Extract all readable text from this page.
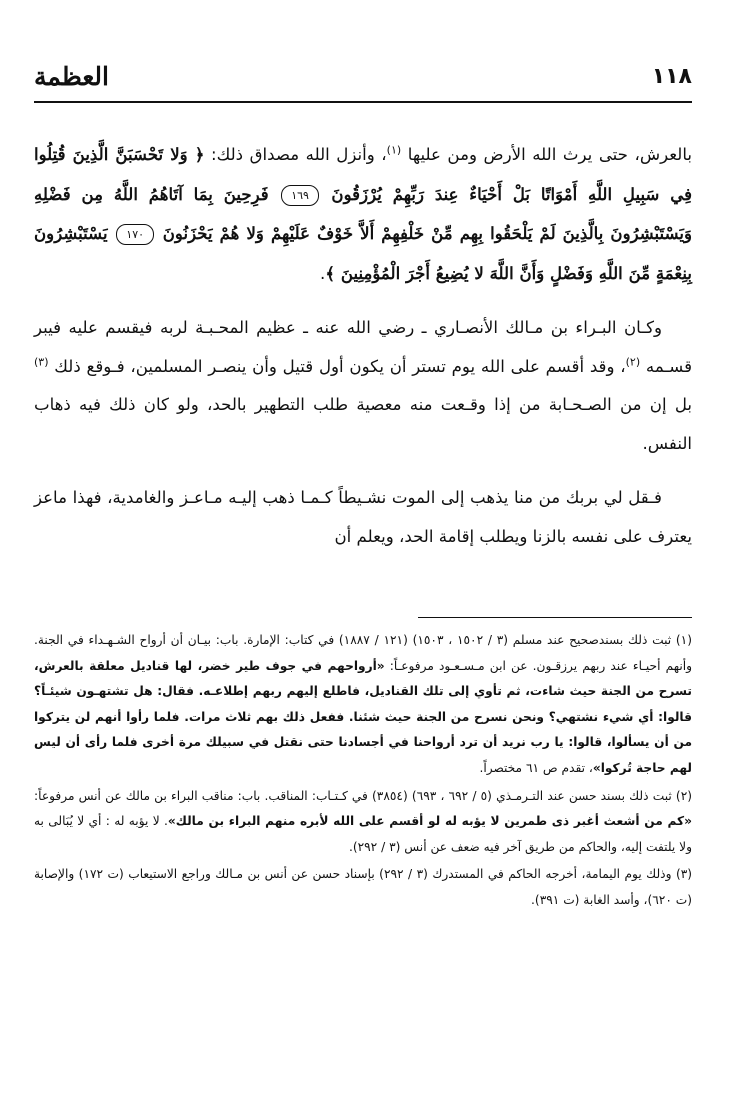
١١٨
العظمة

بالعرش، حتى يرث الله الأرض ومن عليها $^{(١)}$، وأنزل الله مصداق ذلك: ﴿ وَلا تَحْسَبَنَّ الَّذِينَ قُتِلُوا فِي سَبِيلِ اللَّهِ أَمْوَاتًا بَلْ أَحْيَاءٌ عِندَ رَبِّهِمْ يُرْزَقُونَ ١٦٩ فَرِحِينَ بِمَا آتَاهُمُ اللَّهُ مِن فَضْلِهِ وَيَسْتَبْشِرُونَ بِالَّذِينَ لَمْ يَلْحَقُوا بِهِم مِّنْ خَلْفِهِمْ أَلاَّ خَوْفٌ عَلَيْهِمْ وَلا هُمْ يَحْزَنُونَ ١٧٠ يَسْتَبْشِرُونَ بِنِعْمَةٍ مِّنَ اللَّهِ وَفَضْلٍ وَأَنَّ اللَّهَ لا يُضِيعُ أَجْرَ الْمُؤْمِنِينَ ﴾.

وكـان البـراء بن مـالك الأنصـاري ـ رضي الله عنه ـ عظيم المحـبـة لربه فيقسم عليه فيبر قسـمه $^{(٢)}$، وقد أقسم على الله يوم تستر أن يكون أول قتيل وأن ينصـر المسلمين، فـوقع ذلك $^{(٣)}$ بل إن من الصـحـابة من إذا وقـعت منه معصية طلب التطهير بالحد، ولو كان ذلك فيه ذهاب النفس.

فـقل لي بربك من منا يذهب إلى الموت نشـيطاً كـمـا ذهب إليـه مـاعـز والغامدية، فهذا ماعز يعترف على نفسه بالزنا ويطلب إقامة الحد، ويعلم أن

(١) ثبت ذلك بسندصحيح عند مسلم (٣ / ١٥٠٢ ، ١٥٠٣) (١٢١ / ١٨٨٧) في كتاب: الإمارة. باب: بيـان أن أرواح الشـهـداء في الجنة. وأنهم أحيـاء عند ربهم يرزقـون. عن ابن مـسـعـود مرفوعـاً: «أرواحهم في جوف طير خضر، لها قناديل معلقة بالعرش، تسرح من الجنة حيث شاءت، ثم تأوي إلى تلك القناديل، فاطلع إليهم ربهم إطلاعـه. فقال: هل تشتهـون شيئـاً؟ قالوا: أي شيء نشتهي؟ ونحن نسرح من الجنة حيث شئنا. ففعل ذلك بهم ثلاث مرات. فلما رأوا أنهم لن يتركوا من أن يسألوا، قالوا: يا رب نريد أن ترد أرواحنا في أجسادنا حتى نقتل في سبيلك مرة أخرى فلما رأى أن ليس لهم حاجة تُركوا»، تقدم ص ٦١ مختصراً.

(٢) ثبت ذلك بسند حسن عند التـرمـذي (٥ / ٦٩٢ ، ٦٩٣) (٣٨٥٤) في كـتـاب: المناقب. باب: مناقب البراء بن مالك عن أنس مرفوعاً: «كم من أشعث أغبر ذى طمرين لا يؤبه له لو أقسم على الله لأبره منهم البراء بن مالك». لا يؤبه له : أي لا يُبَالى به ولا يلتفت إليه، والحاكم من طريق آخر فيه ضعف عن أنس (٣ / ٢٩٢).

(٣) وذلك يوم اليمامة، أخرجه الحاكم في المستدرك (٣ / ٢٩٢) بإسناد حسن عن أنس بن مـالك وراجع الاستيعاب (ت ١٧٢) والإصابة (ت ٦٢٠)، وأسد الغابة (ت ٣٩١).
